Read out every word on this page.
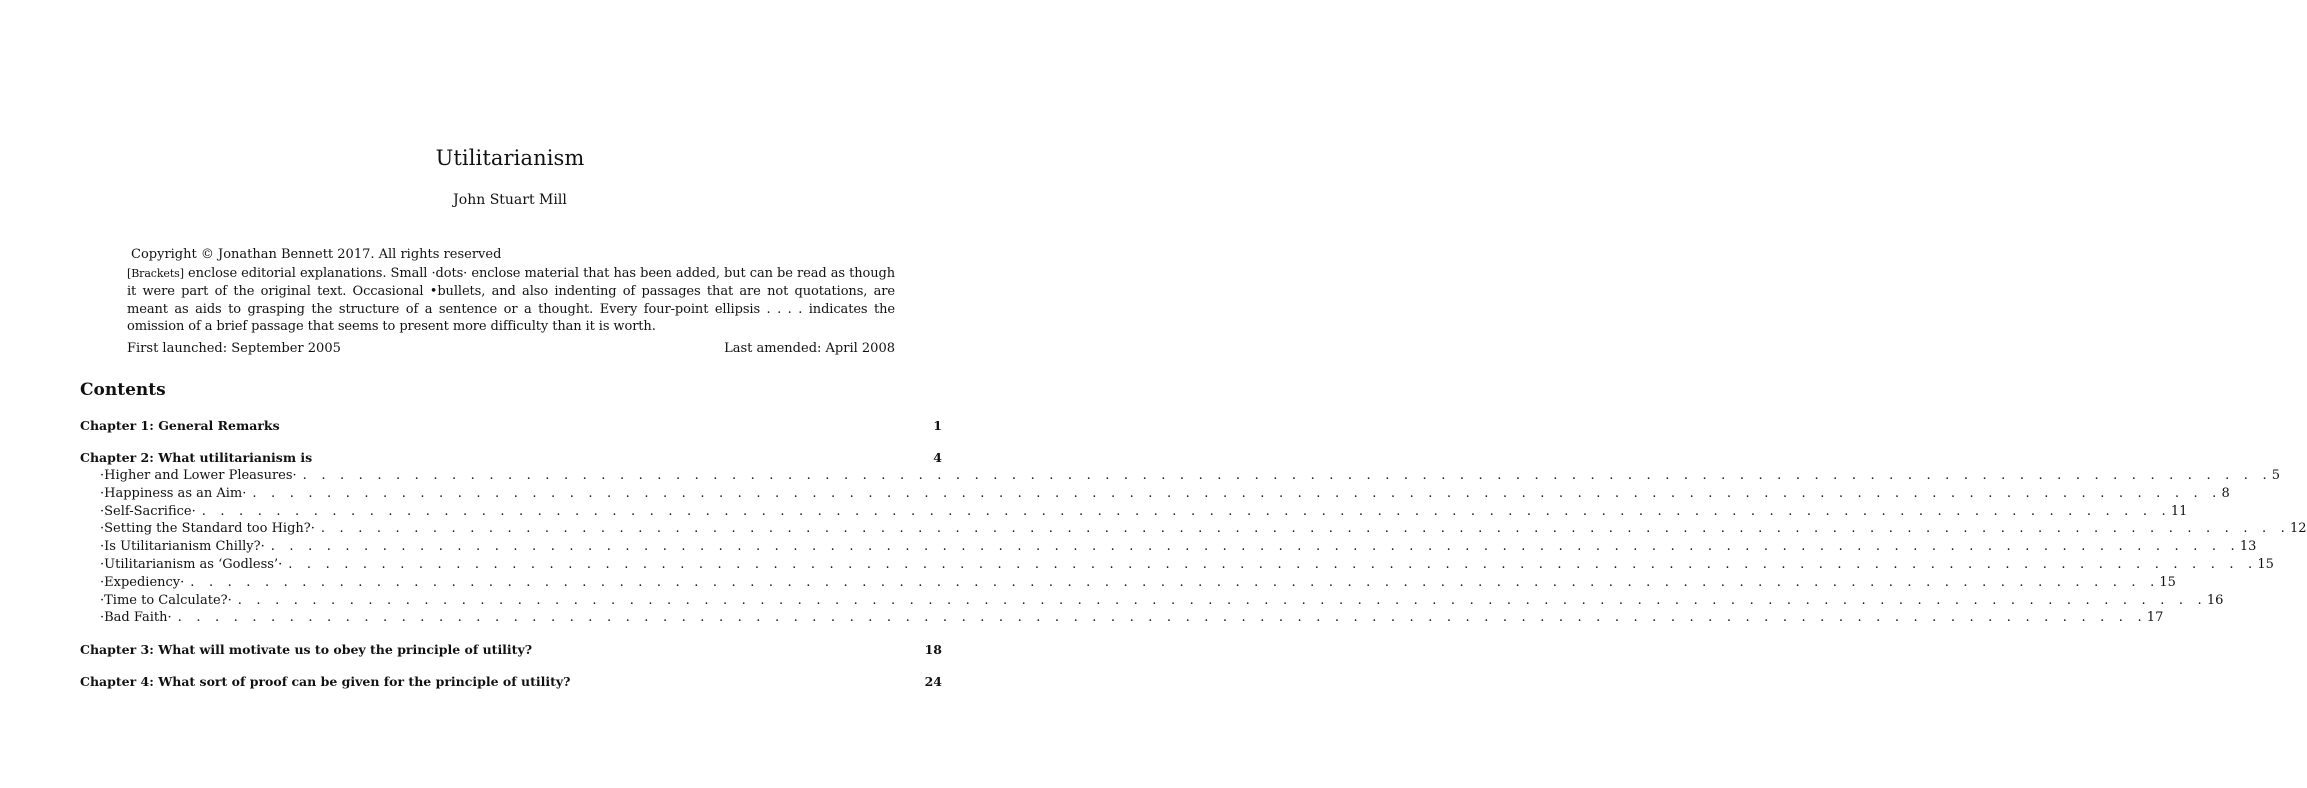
Utilitarianism
John Stuart Mill
Copyright © Jonathan Bennett 2017. All rights reserved
[Brackets] enclose editorial explanations. Small ·dots· enclose material that has been added, but can be read as though it were part of the original text. Occasional •bullets, and also indenting of passages that are not quotations, are meant as aids to grasping the structure of a sentence or a thought. Every four-point ellipsis . . . . indicates the omission of a brief passage that seems to present more difficulty than it is worth.
First launched: September 2005	Last amended: April 2008
Contents
Chapter 1: General Remarks	1
Chapter 2: What utilitarianism is	4
·Higher and Lower Pleasures· . . . . . . . . . . . . . . . . . . . . . . . . . . . . . . . . . . . . . . . . . . . . . . . . . . . . . . . . . . . . . . . . . . . . . . . . . . . . . . . . . . . . . . . . . . . . . . . . . . . . . . . . . . 5
·Happiness as an Aim· . . . . . . . . . . . . . . . . . . . . . . . . . . . . . . . . . . . . . . . . . . . . . . . . . . . . . . . . . . . . . . . . . . . . . . . . . . . . . . . . . . . . . . . . . . . . . . . . . . . . . . . . . . 8
·Self-Sacrifice· . . . . . . . . . . . . . . . . . . . . . . . . . . . . . . . . . . . . . . . . . . . . . . . . . . . . . . . . . . . . . . . . . . . . . . . . . . . . . . . . . . . . . . . . . . . . . . . . . . . . . . . . . . 11
·Setting the Standard too High?· . . . . . . . . . . . . . . . . . . . . . . . . . . . . . . . . . . . . . . . . . . . . . . . . . . . . . . . . . . . . . . . . . . . . . . . . . . . . . . . . . . . . . . . . . . . . . . . . . . . . . . . . . . 12
·Is Utilitarianism Chilly?· . . . . . . . . . . . . . . . . . . . . . . . . . . . . . . . . . . . . . . . . . . . . . . . . . . . . . . . . . . . . . . . . . . . . . . . . . . . . . . . . . . . . . . . . . . . . . . . . . . . . . . . . . . 13
·Utilitarianism as ‘Godless’· . . . . . . . . . . . . . . . . . . . . . . . . . . . . . . . . . . . . . . . . . . . . . . . . . . . . . . . . . . . . . . . . . . . . . . . . . . . . . . . . . . . . . . . . . . . . . . . . . . . . . . . . . . 15
·Expediency· . . . . . . . . . . . . . . . . . . . . . . . . . . . . . . . . . . . . . . . . . . . . . . . . . . . . . . . . . . . . . . . . . . . . . . . . . . . . . . . . . . . . . . . . . . . . . . . . . . . . . . . . . . 15
·Time to Calculate?· . . . . . . . . . . . . . . . . . . . . . . . . . . . . . . . . . . . . . . . . . . . . . . . . . . . . . . . . . . . . . . . . . . . . . . . . . . . . . . . . . . . . . . . . . . . . . . . . . . . . . . . . . . 16
·Bad Faith· . . . . . . . . . . . . . . . . . . . . . . . . . . . . . . . . . . . . . . . . . . . . . . . . . . . . . . . . . . . . . . . . . . . . . . . . . . . . . . . . . . . . . . . . . . . . . . . . . . . . . . . . . . 17
Chapter 3: What will motivate us to obey the principle of utility?	18
Chapter 4: What sort of proof can be given for the principle of utility?	24
